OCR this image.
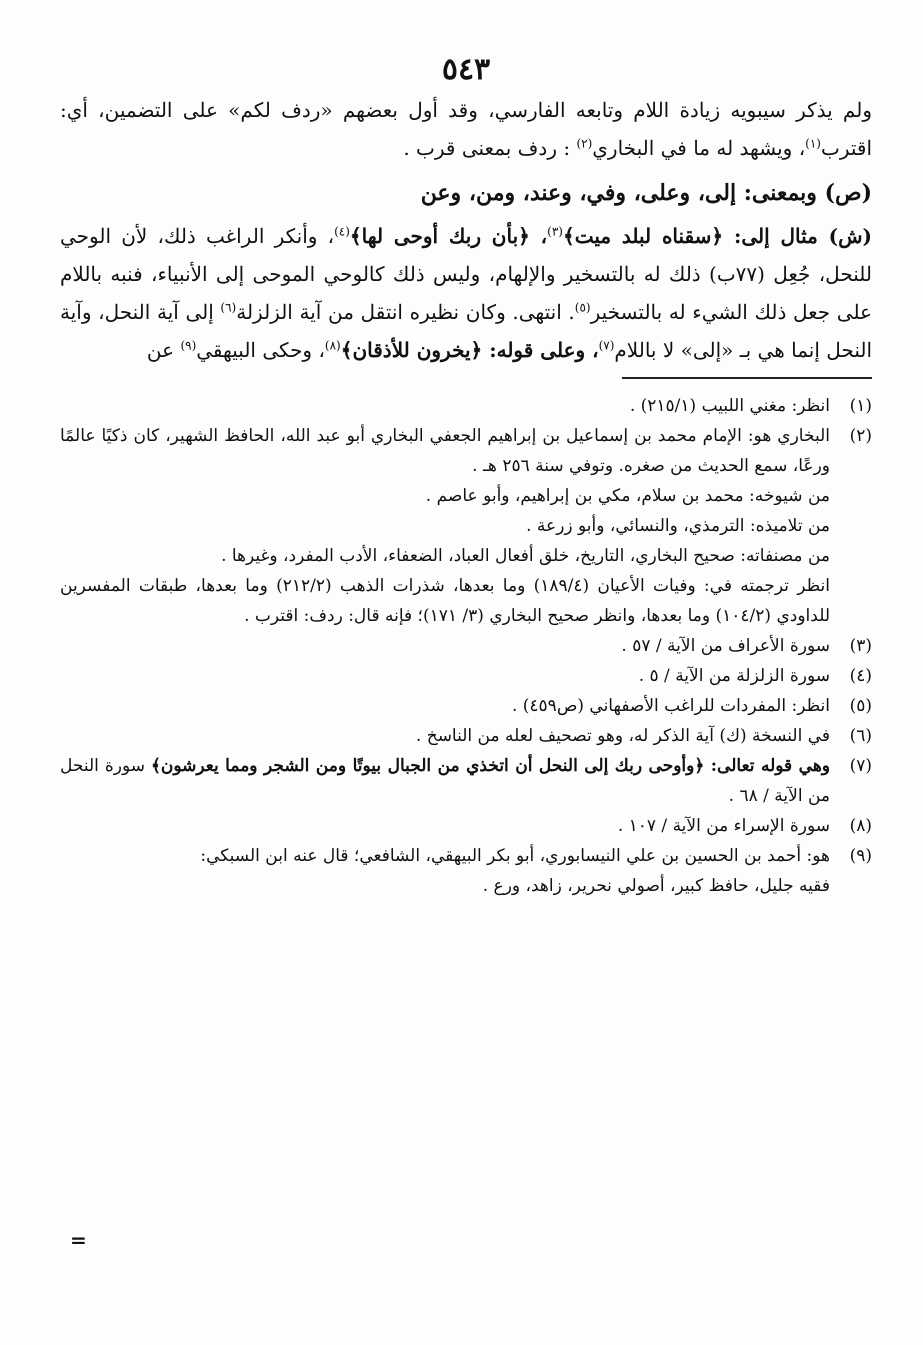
٥٤٣

ولم يذكر سيبويه زيادة اللام وتابعه الفارسي، وقد أول بعضهم «ردف لكم» على التضمين، أي: اقترب$^{(١)}$، ويشهد له ما في البخاري$^{(٢)}$ : ردف بمعنى قرب .

(ص) وبمعنى: إلى، وعلى، وفي، وعند، ومن، وعن

(ش) مثال إلى: ﴿سقناه لبلد ميت﴾$^{(٣)}$، ﴿بأن ربك أوحى لها﴾$^{(٤)}$، وأنكر الراغب ذلك، لأن الوحي للنحل، جُعِل (٧٧ب) ذلك له بالتسخير والإلهام، وليس ذلك كالوحي الموحى إلى الأنبياء، فنبه باللام على جعل ذلك الشيء له بالتسخير$^{(٥)}$. انتهى. وكان نظيره انتقل من آية الزلزلة$^{(٦)}$ إلى آية النحل، وآية النحل إنما هي بـ «إلى» لا باللام$^{(٧)}$، وعلى قوله: ﴿يخرون للأذقان﴾$^{(٨)}$، وحكى البيهقي$^{(٩)}$ عن

(١)انظر: مغني اللبيب (٢١٥/١) .

(٢)البخاري هو: الإمام محمد بن إسماعيل بن إبراهيم الجعفي البخاري أبو عبد الله، الحافظ الشهير، كان ذكيًا عالمًا ورعًا، سمع الحديث من صغره. وتوفي سنة ٢٥٦ هـ .

من شيوخه: محمد بن سلام، مكي بن إبراهيم، وأبو عاصم .

من تلاميذه: الترمذي، والنسائي، وأبو زرعة .

من مصنفاته: صحيح البخاري، التاريخ، خلق أفعال العباد، الضعفاء، الأدب المفرد، وغيرها .

انظر ترجمته في: وفيات الأعيان (١٨٩/٤) وما بعدها، شذرات الذهب (٢١٢/٢) وما بعدها، طبقات المفسرين للداودي (١٠٤/٢) وما بعدها، وانظر صحيح البخاري (٣/ ١٧١)؛ فإنه قال: ردف: اقترب .

(٣)سورة الأعراف من الآية / ٥٧ .

(٤)سورة الزلزلة من الآية / ٥ .

(٥)انظر: المفردات للراغب الأصفهاني (ص٤٥٩) .

(٦)في النسخة (ك) آية الذكر له، وهو تصحيف لعله من الناسخ .

(٧)وهي قوله تعالى: ﴿وأوحى ربك إلى النحل أن اتخذي من الجبال بيوتًا ومن الشجر ومما يعرشون﴾ سورة النحل من الآية / ٦٨ .

(٨)سورة الإسراء من الآية / ١٠٧ .

(٩)هو: أحمد بن الحسين بن علي النيسابوري، أبو بكر البيهقي، الشافعي؛ قال عنه ابن السبكي:

فقيه جليل، حافظ كبير، أصولي نحرير، زاهد، ورع .

=
